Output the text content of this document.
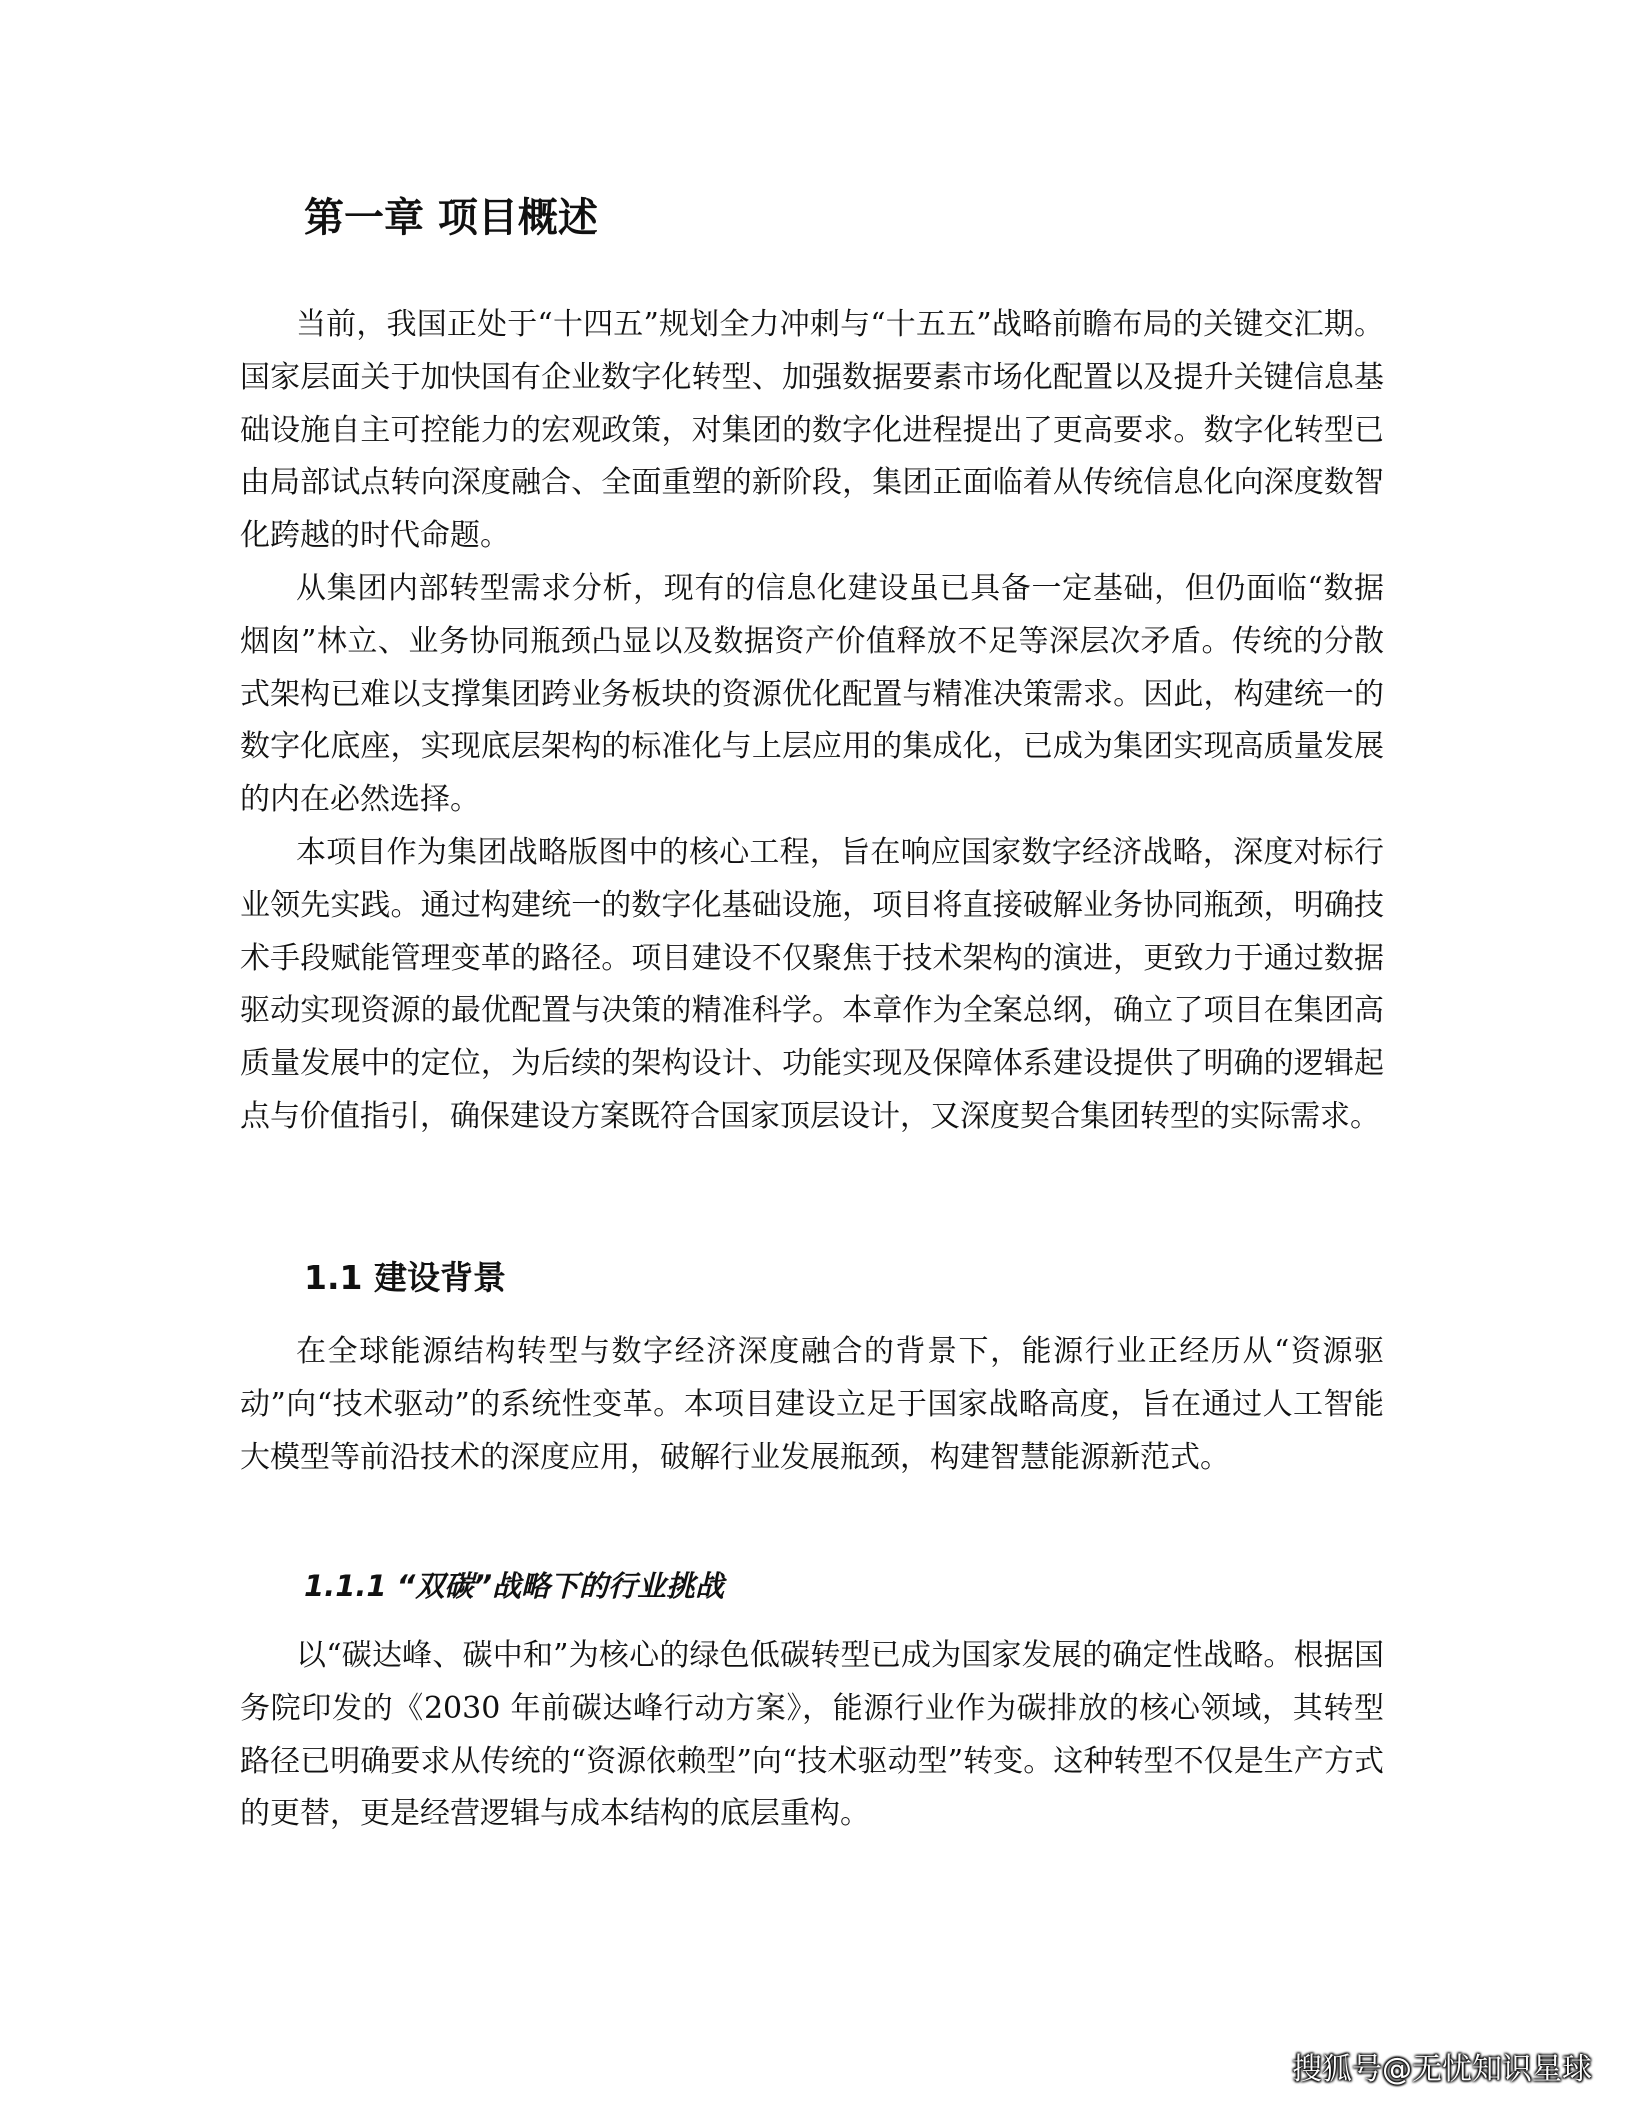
第一章 项目概述

当前，我国正处于“十四五”规划全力冲刺与“十五五”战略前瞻布局的关键交汇期。国家层面关于加快国有企业数字化转型、加强数据要素市场化配置以及提升关键信息基础设施自主可控能力的宏观政策，对集团的数字化进程提出了更高要求。数字化转型已由局部试点转向深度融合、全面重塑的新阶段，集团正面临着从传统信息化向深度数智化跨越的时代命题。

从集团内部转型需求分析，现有的信息化建设虽已具备一定基础，但仍面临“数据烟囱”林立、业务协同瓶颈凸显以及数据资产价值释放不足等深层次矛盾。传统的分散式架构已难以支撑集团跨业务板块的资源优化配置与精准决策需求。因此，构建统一的数字化底座，实现底层架构的标准化与上层应用的集成化，已成为集团实现高质量发展的内在必然选择。

本项目作为集团战略版图中的核心工程，旨在响应国家数字经济战略，深度对标行业领先实践。通过构建统一的数字化基础设施，项目将直接破解业务协同瓶颈，明确技术手段赋能管理变革的路径。项目建设不仅聚焦于技术架构的演进，更致力于通过数据驱动实现资源的最优配置与决策的精准科学。本章作为全案总纲，确立了项目在集团高质量发展中的定位，为后续的架构设计、功能实现及保障体系建设提供了明确的逻辑起点与价值指引，确保建设方案既符合国家顶层设计，又深度契合集团转型的实际需求。

1.1 建设背景

在全球能源结构转型与数字经济深度融合的背景下，能源行业正经历从“资源驱动”向“技术驱动”的系统性变革。本项目建设立足于国家战略高度，旨在通过人工智能大模型等前沿技术的深度应用，破解行业发展瓶颈，构建智慧能源新范式。

1.1.1 “双碳”战略下的行业挑战

以“碳达峰、碳中和”为核心的绿色低碳转型已成为国家发展的确定性战略。根据国务院印发的《2030 年前碳达峰行动方案》，能源行业作为碳排放的核心领域，其转型路径已明确要求从传统的“资源依赖型”向“技术驱动型”转变。这种转型不仅是生产方式的更替，更是经营逻辑与成本结构的底层重构。

搜狐号@无忧知识星球
